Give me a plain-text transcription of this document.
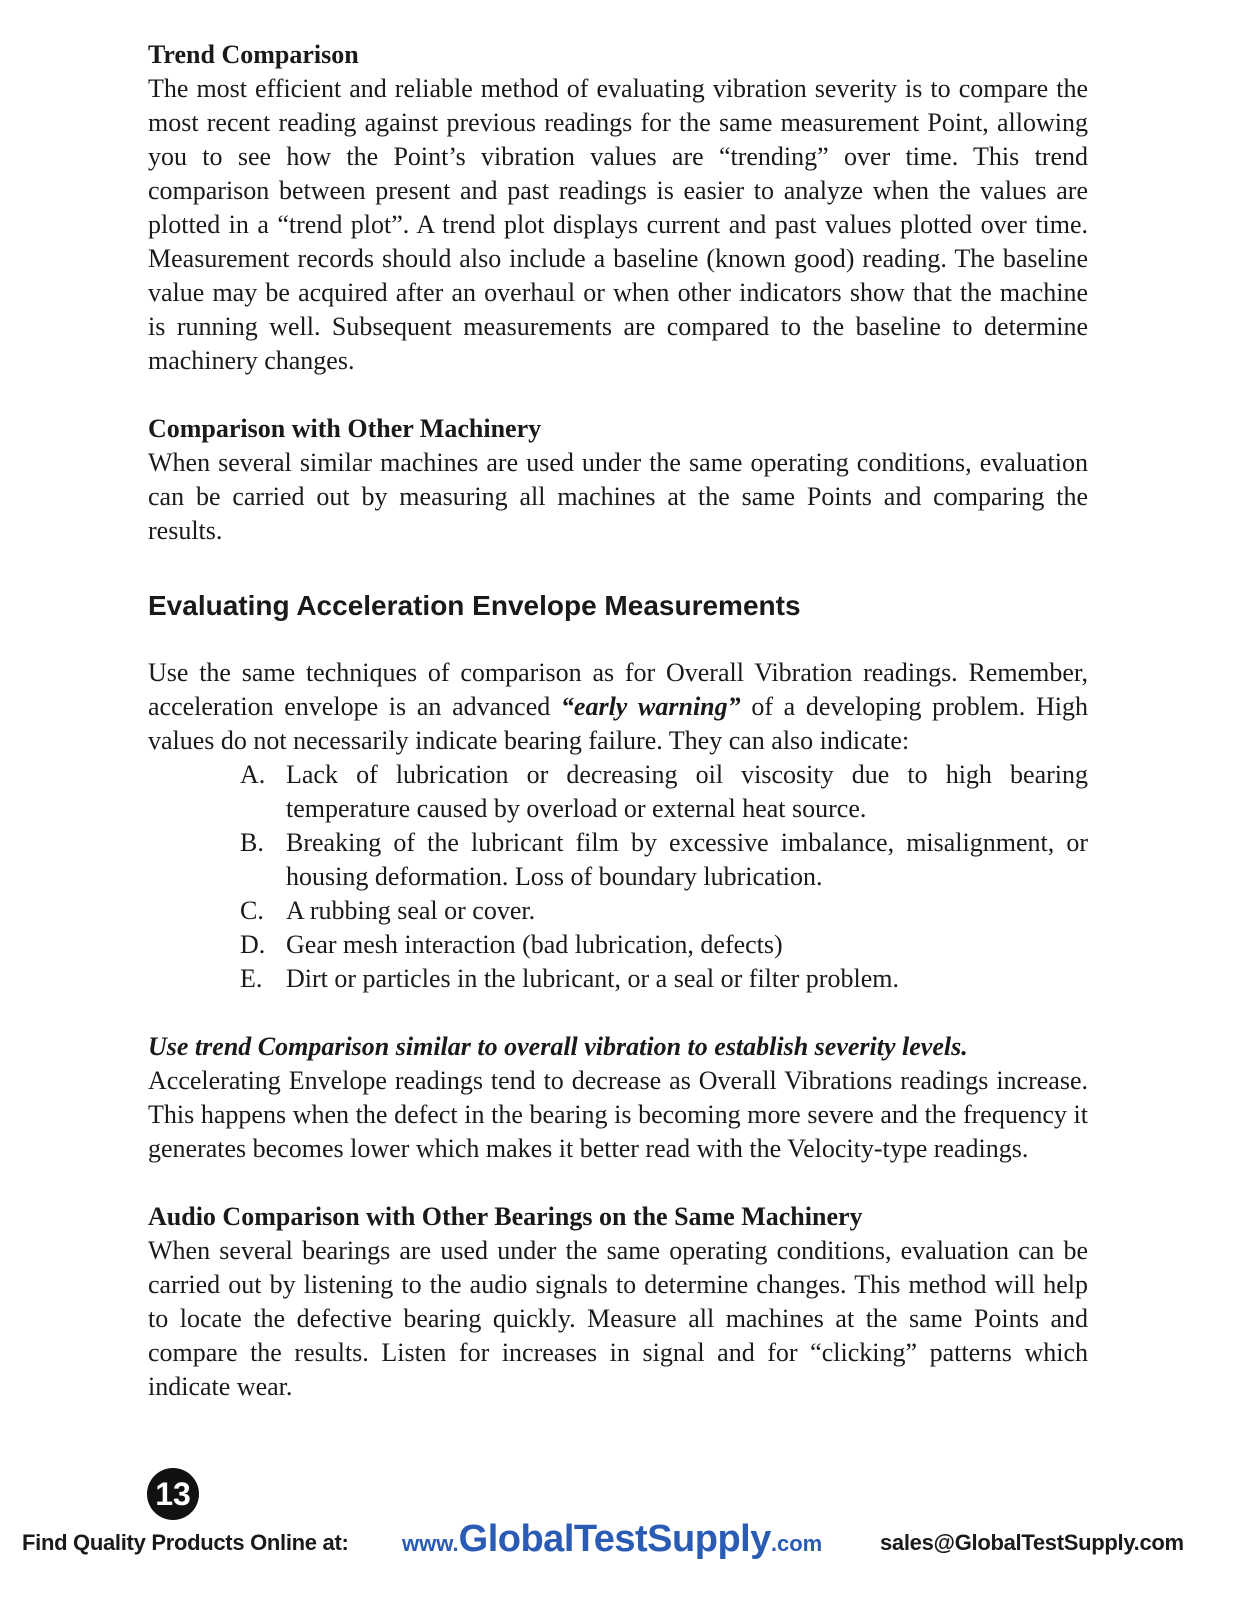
Trend Comparison

The most efficient and reliable method of evaluating vibration severity is to compare the most recent reading against previous readings for the same measurement Point, allowing you to see how the Point’s vibration values are “trending” over time. This trend comparison between present and past readings is easier to analyze when the values are plotted in a “trend plot”. A trend plot displays current and past values plotted over time. Measurement records should also include a baseline (known good) reading. The baseline value may be acquired after an overhaul or when other indicators show that the machine is running well. Subsequent measurements are compared to the baseline to determine machinery changes.

Comparison with Other Machinery

When several similar machines are used under the same operating conditions, evaluation can be carried out by measuring all machines at the same Points and comparing the results.

Evaluating Acceleration Envelope Measurements

Use the same techniques of comparison as for Overall Vibration readings. Remember, acceleration envelope is an advanced “early warning” of a developing problem. High values do not necessarily indicate bearing failure. They can also indicate:

A. Lack of lubrication or decreasing oil viscosity due to high bearing temperature caused by overload or external heat source.
B. Breaking of the lubricant film by excessive imbalance, misalignment, or housing deformation. Loss of boundary lubrication.
C. A rubbing seal or cover.
D. Gear mesh interaction (bad lubrication, defects)
E. Dirt or particles in the lubricant, or a seal or filter problem.
Use trend Comparison similar to overall vibration to establish severity levels.

Accelerating Envelope readings tend to decrease as Overall Vibrations readings increase. This happens when the defect in the bearing is becoming more severe and the frequency it generates becomes lower which makes it better read with the Velocity-type readings.

Audio Comparison with Other Bearings on the Same Machinery

When several bearings are used under the same operating conditions, evaluation can be carried out by listening to the audio signals to determine changes. This method will help to locate the defective bearing quickly. Measure all machines at the same Points and compare the results. Listen for increases in signal and for “clicking” patterns which indicate wear.

13
Find Quality Products Online at: www.GlobalTestSupply.com	sales@GlobalTestSupply.com
